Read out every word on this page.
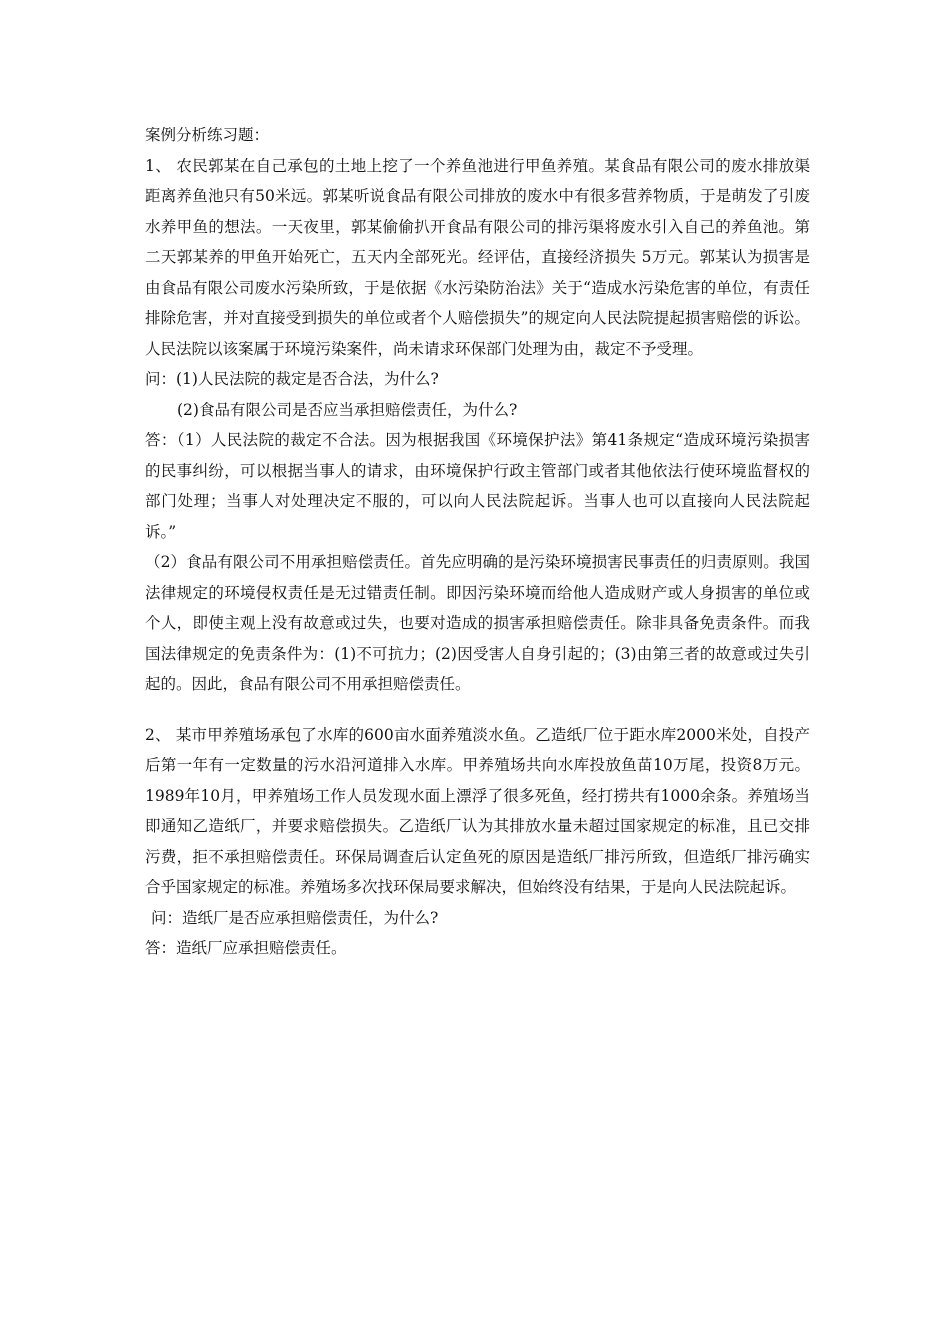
案例分析练习题：

1、 农民郭某在自己承包的土地上挖了一个养鱼池进行甲鱼养殖。某食品有限公司的废水排放渠距离养鱼池只有50米远。郭某听说食品有限公司排放的废水中有很多营养物质，于是萌发了引废水养甲鱼的想法。一天夜里，郭某偷偷扒开食品有限公司的排污渠将废水引入自己的养鱼池。第二天郭某养的甲鱼开始死亡，五天内全部死光。经评估，直接经济损失 5万元。郭某认为损害是由食品有限公司废水污染所致，于是依据《水污染防治法》关于“造成水污染危害的单位，有责任排除危害，并对直接受到损失的单位或者个人赔偿损失”的规定向人民法院提起损害赔偿的诉讼。人民法院以该案属于环境污染案件，尚未请求环保部门处理为由，裁定不予受理。

问：(1)人民法院的裁定是否合法，为什么?

(2)食品有限公司是否应当承担赔偿责任，为什么?

答：（1）人民法院的裁定不合法。因为根据我国《环境保护法》第41条规定“造成环境污染损害的民事纠纷，可以根据当事人的请求，由环境保护行政主管部门或者其他依法行使环境监督权的部门处理；当事人对处理决定不服的，可以向人民法院起诉。当事人也可以直接向人民法院起诉。”

（2）食品有限公司不用承担赔偿责任。首先应明确的是污染环境损害民事责任的归责原则。我国法律规定的环境侵权责任是无过错责任制。即因污染环境而给他人造成财产或人身损害的单位或个人，即使主观上没有故意或过失，也要对造成的损害承担赔偿责任。除非具备免责条件。而我国法律规定的免责条件为：(1)不可抗力；(2)因受害人自身引起的；(3)由第三者的故意或过失引起的。因此，食品有限公司不用承担赔偿责任。

2、 某市甲养殖场承包了水库的600亩水面养殖淡水鱼。乙造纸厂位于距水库2000米处，自投产后第一年有一定数量的污水沿河道排入水库。甲养殖场共向水库投放鱼苗10万尾，投资8万元。1989年10月，甲养殖场工作人员发现水面上漂浮了很多死鱼，经打捞共有1000余条。养殖场当即通知乙造纸厂，并要求赔偿损失。乙造纸厂认为其排放水量未超过国家规定的标准，且已交排污费，拒不承担赔偿责任。环保局调查后认定鱼死的原因是造纸厂排污所致，但造纸厂排污确实合乎国家规定的标准。养殖场多次找环保局要求解决，但始终没有结果，于是向人民法院起诉。

问：造纸厂是否应承担赔偿责任，为什么?

答：造纸厂应承担赔偿责任。
